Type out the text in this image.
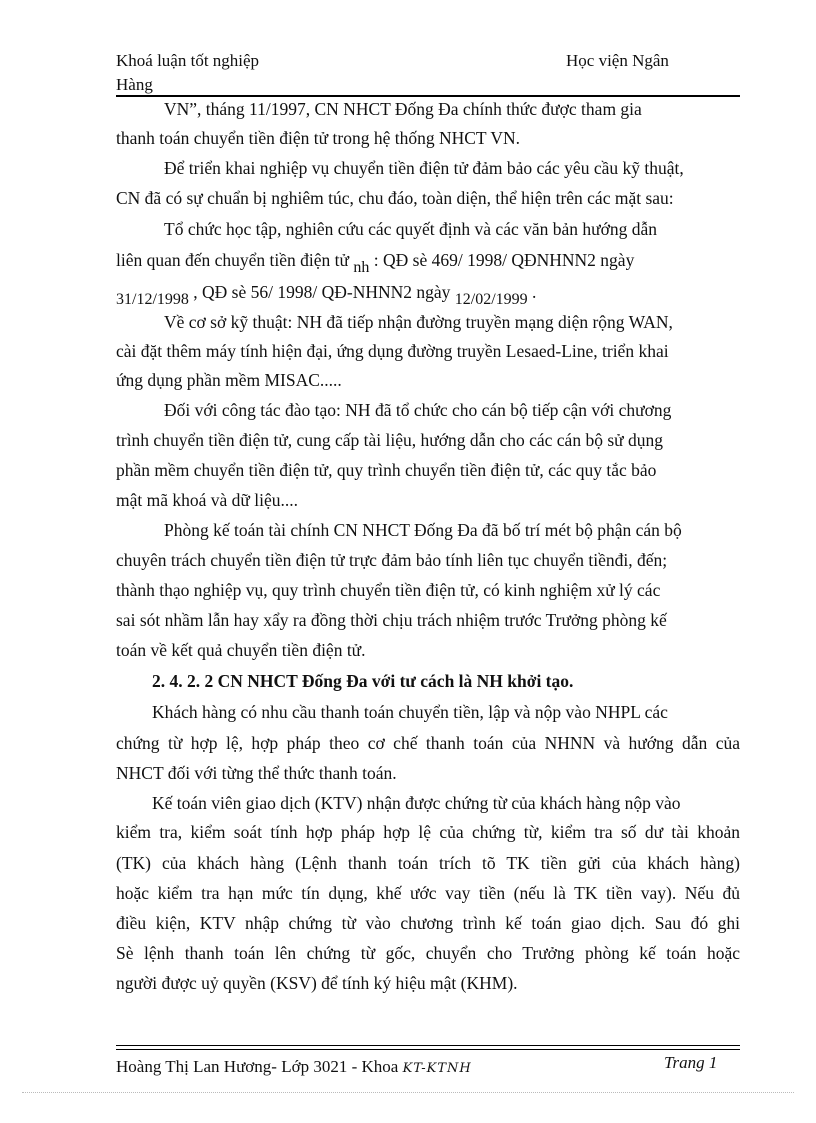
Khoá luận tốt nghiệp
Hàng
Học viện Ngân
VN”, tháng 11/1997, CN NHCT Đống Đa chính thức được tham gia
thanh toán chuyển tiền điện tử trong hệ thống NHCT VN.
Để triển khai nghiệp vụ chuyển tiền điện tử đảm bảo các yêu cầu kỹ thuật,
CN đã có sự chuẩn bị nghiêm túc, chu đáo, toàn diện, thể hiện trên các mặt sau:
Tổ chức học tập, nghiên cứu các quyết định và các văn bản hướng dẫn
liên quan đến chuyển tiền điện tử nh : QĐ sè 469/ 1998/ QĐNHNN2 ngày
31/12/1998 , QĐ sè 56/ 1998/ QĐ-NHNN2 ngày 12/02/1999 .
Về cơ sở kỹ thuật: NH đã tiếp nhận đường truyền mạng diện rộng WAN,
cài đặt thêm máy tính hiện đại, ứng dụng đường truyền Lesaed-Line, triển khai
ứng dụng phần mềm MISAC.....
Đối với công tác đào tạo: NH đã tổ chức cho cán bộ tiếp cận với chương
trình chuyển tiền điện tử, cung cấp tài liệu, hướng dẫn cho các cán bộ sử dụng
phần mềm chuyển tiền điện tử, quy trình chuyển tiền điện tử, các quy tắc bảo
mật mã khoá và dữ liệu....
Phòng kế toán tài chính CN NHCT Đống Đa đã bố trí mét bộ phận cán bộ
chuyên trách chuyển tiền điện tử trực đảm bảo tính liên tục chuyển tiềnđi, đến;
thành thạo nghiệp vụ, quy trình chuyển tiền điện tử, có kinh nghiệm xử lý các
sai sót nhầm lẫn hay xẩy ra đồng thời chịu trách nhiệm trước Trưởng phòng kế
toán về kết quả chuyển tiền điện tử.
2. 4. 2. 2 CN NHCT Đống Đa với tư cách là NH khởi tạo.
Khách hàng có nhu cầu thanh toán chuyển tiền, lập và nộp vào NHPL các
chứng từ hợp lệ, hợp pháp theo cơ chế thanh toán của NHNN và hướng dẫn của
NHCT đối với từng thể thức thanh toán.
Kế toán viên giao dịch (KTV) nhận được chứng từ của khách hàng nộp vào
kiểm tra, kiểm soát tính hợp pháp hợp lệ của chứng từ, kiểm tra số dư tài khoản
(TK) của khách hàng (Lệnh thanh toán trích tõ TK tiền gửi của khách hàng)
hoặc kiểm tra hạn mức tín dụng, khế ước vay tiền (nếu là TK tiền vay). Nếu đủ
điều kiện, KTV nhập chứng từ vào chương trình kế toán giao dịch. Sau đó ghi
Sè lệnh thanh toán lên chứng từ gốc, chuyển cho Trưởng phòng kế toán hoặc
người được uỷ quyền (KSV) để tính ký hiệu mật (KHM).
Hoàng Thị Lan Hương- Lớp 3021 - Khoa KT-KTNH	Trang 1
